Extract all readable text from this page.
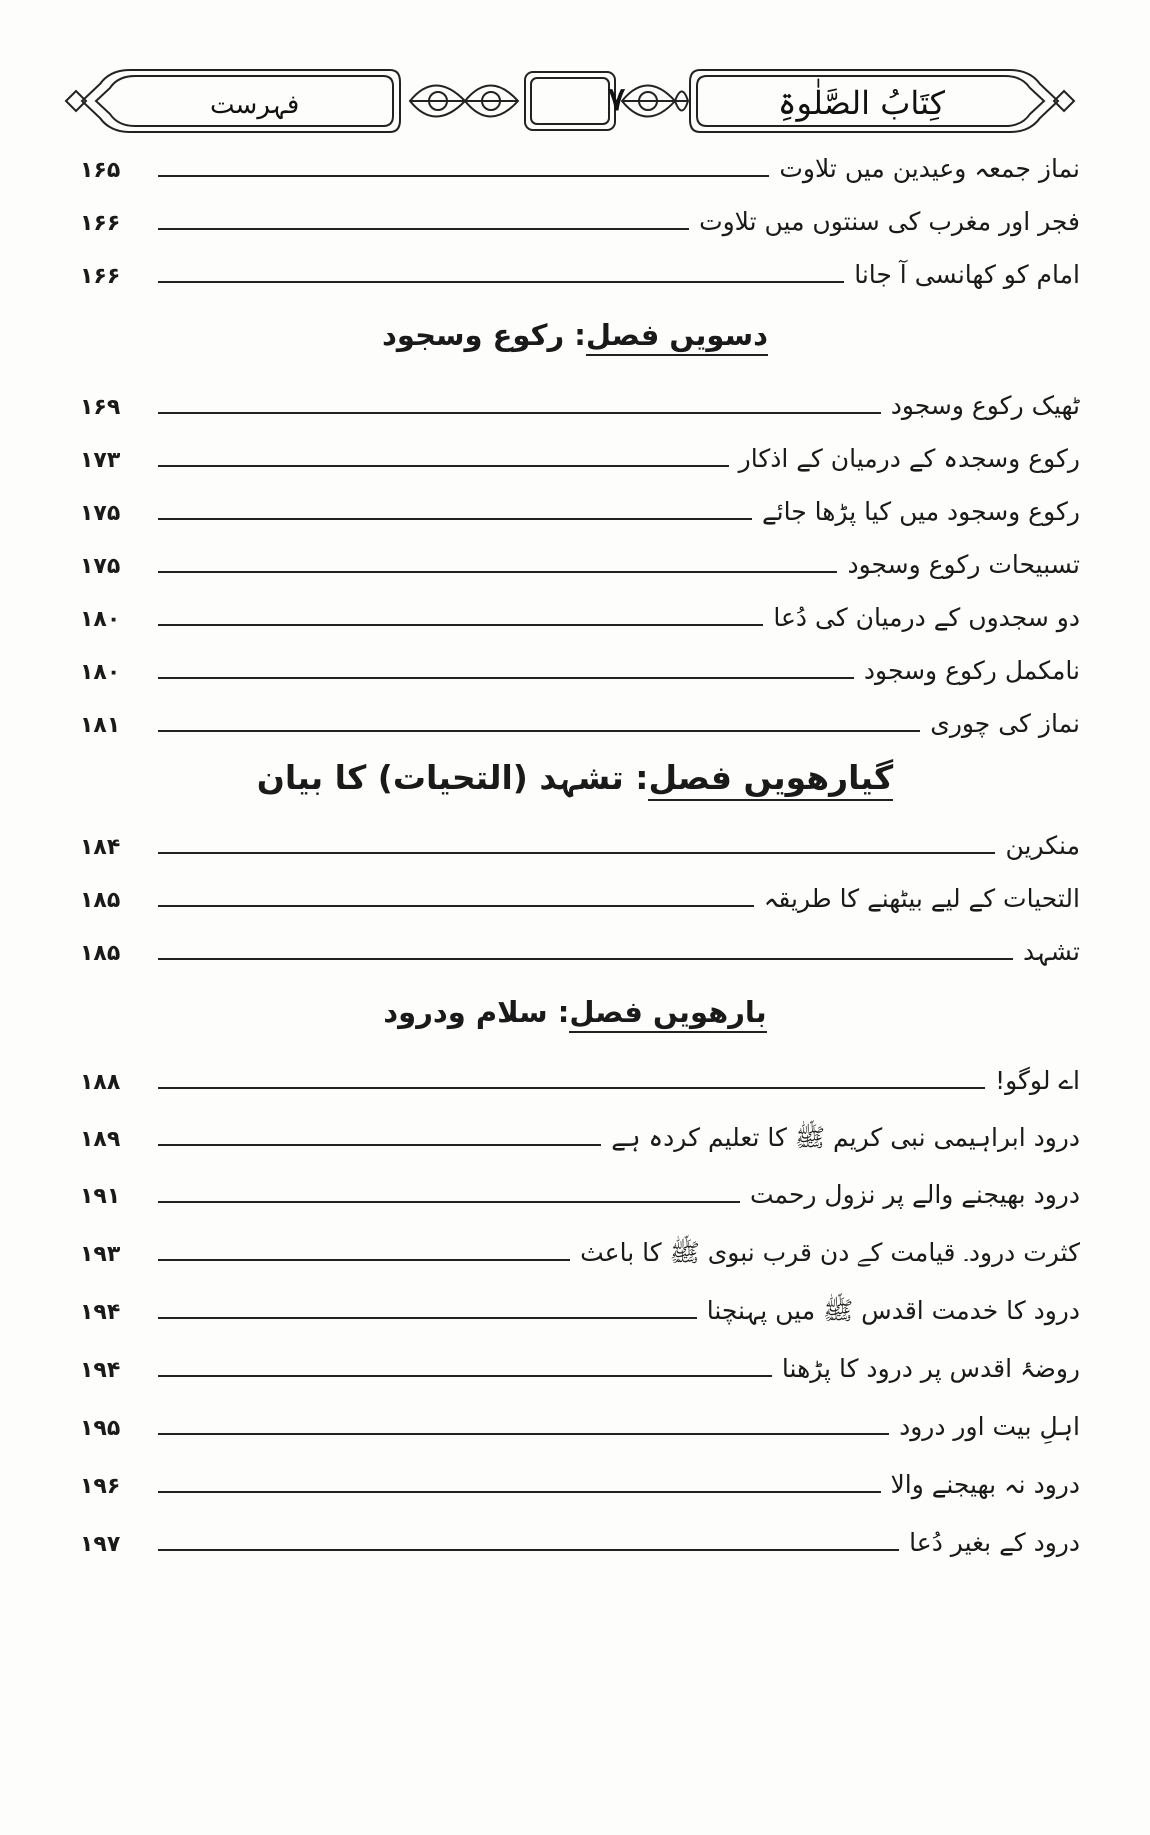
کِتَابُ الصَّلٰوۃِ
۷
فہرست
نماز جمعہ وعیدین میں تلاوت
۱۶۵
فجر اور مغرب کی سنتوں میں تلاوت
۱۶۶
امام کو کھانسی آ جانا
۱۶۶
دسویں فصل: رکوع وسجود
ٹھیک رکوع وسجود
۱۶۹
رکوع وسجدہ کے درمیان کے اذکار
۱۷۳
رکوع وسجود میں کیا پڑھا جائے
۱۷۵
تسبیحات رکوع وسجود
۱۷۵
دو سجدوں کے درمیان کی دُعا
۱۸۰
نامکمل رکوع وسجود
۱۸۰
نماز کی چوری
۱۸۱
گیارھویں فصل: تشہد (التحیات) کا بیان
منکرین
۱۸۴
التحیات کے لیے بیٹھنے کا طریقہ
۱۸۵
تشہد
۱۸۵
بارھویں فصل: سلام ودرود
اے لوگو!
۱۸۸
درود ابراہیمی نبی کریم ﷺ کا تعلیم کردہ ہے
۱۸۹
درود بھیجنے والے پر نزول رحمت
۱۹۱
کثرت درود۔ قیامت کے دن قرب نبوی ﷺ کا باعث
۱۹۳
درود کا خدمت اقدس ﷺ میں پہنچنا
۱۹۴
روضۂ اقدس پر درود کا پڑھنا
۱۹۴
اہلِ بیت اور درود
۱۹۵
درود نہ بھیجنے والا
۱۹۶
درود کے بغیر دُعا
۱۹۷
